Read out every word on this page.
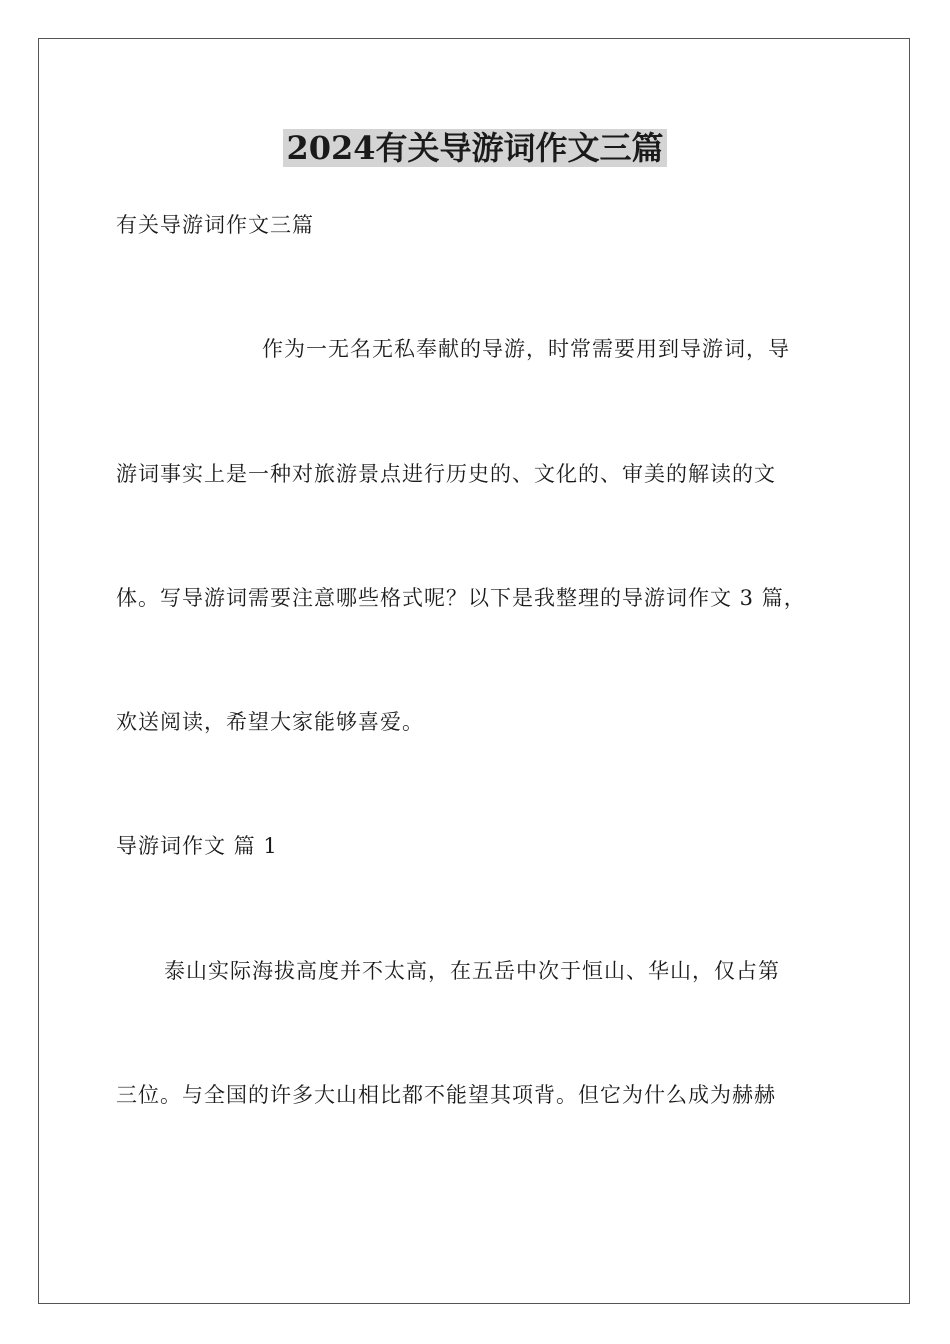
2024有关导游词作文三篇
有关导游词作文三篇
作为一无名无私奉献的导游，时常需要用到导游词，导
游词事实上是一种对旅游景点进行历史的、文化的、审美的解读的文
体。写导游词需要注意哪些格式呢？以下是我整理的导游词作文 3 篇，
欢送阅读，希望大家能够喜爱。
导游词作文 篇 1
泰山实际海拔高度并不太高，在五岳中次于恒山、华山，仅占第
三位。与全国的许多大山相比都不能望其项背。但它为什么成为赫赫
